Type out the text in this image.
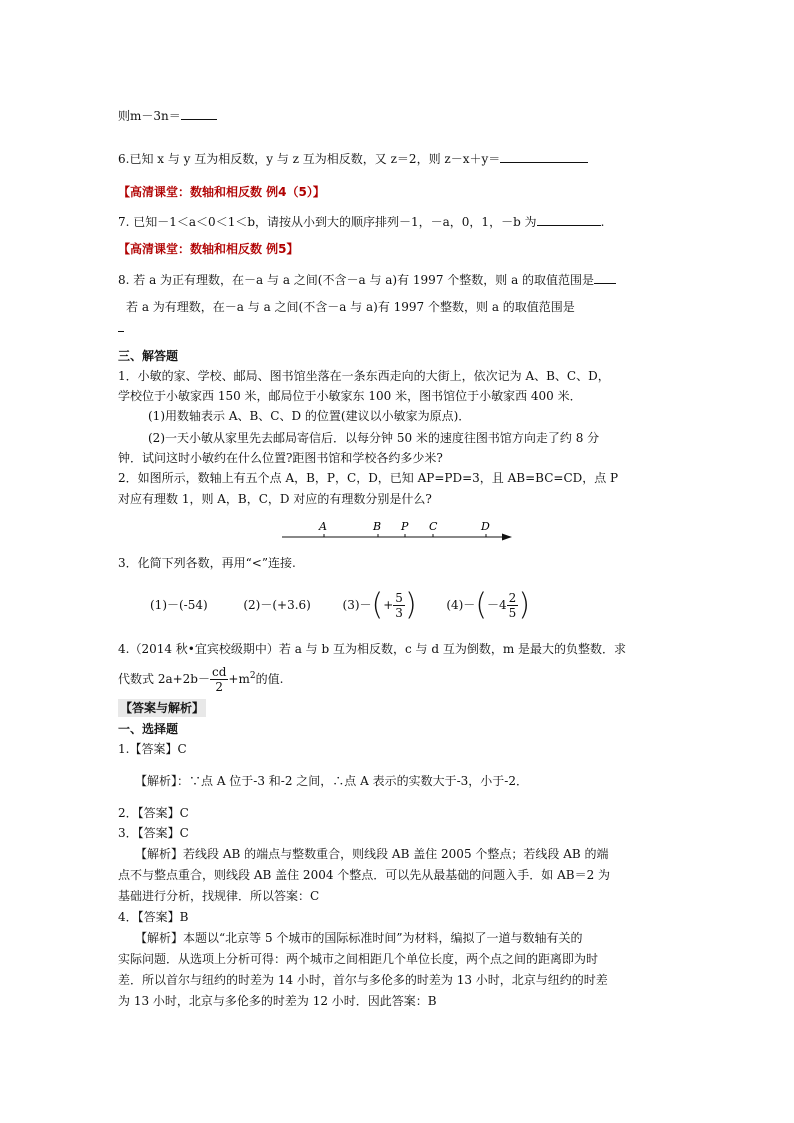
则m－3n＝
6.已知 x 与 y 互为相反数，y 与 z 互为相反数，又 z＝2，则 z－x＋y＝
【高清课堂：数轴和相反数 例4（5）】
7. 已知－1＜a＜0＜1＜b，请按从小到大的顺序排列－1，－a，0，1，－b 为	.
【高清课堂：数轴和相反数 例5】
8. 若 a 为正有理数，在－a 与 a 之间(不含－a 与 a)有 1997 个整数，则 a 的取值范围是
若 a 为有理数，在－a 与 a 之间(不含－a 与 a)有 1997 个整数，则 a 的取值范围是
三、解答题
1．小敏的家、学校、邮局、图书馆坐落在一条东西走向的大街上，依次记为 A、B、C、D，
学校位于小敏家西 150 米，邮局位于小敏家东 100 米，图书馆位于小敏家西 400 米．
(1)用数轴表示 A、B、C、D 的位置(建议以小敏家为原点)．
(2)一天小敏从家里先去邮局寄信后．以每分钟 50 米的速度往图书馆方向走了约 8 分
钟．试问这时小敏约在什么位置?距图书馆和学校各约多少米?
2．如图所示，数轴上有五个点 A，B，P，C，D，已知 AP=PD=3，且 AB=BC=CD，点 P
对应有理数 1，则 A，B，C，D 对应的有理数分别是什么?
A	B P C	D
3．化简下列各数，再用“<”连接.
(1)－(-54)	(2)－(+3.6)	$(3)-(+ \frac{5}{3}$ ) $(4)-(-4 \frac{2}{5}$ )
4.（2014 秋•宜宾校级期中）若 a 与 b 互为相反数，c 与 d 互为倒数，m 是最大的负整数．求
代数式 $2a+2b- \frac{cd}{2} +m^2$的值.
【答案与解析】
一、选择题
1.【答案】C
【解析】：∵点 A 位于-3 和-2 之间，∴点 A 表示的实数大于-3，小于-2．
2．【答案】C
3．【答案】C
【解析】若线段 AB 的端点与整数重合，则线段 AB 盖住 2005 个整点；若线段 AB 的端
点不与整点重合，则线段 AB 盖住 2004 个整点．可以先从最基础的问题入手．如 AB＝2 为
基础进行分析，找规律．所以答案：C
4．【答案】B
【解析】本题以“北京等 5 个城市的国际标准时间”为材料，编拟了一道与数轴有关的
实际问题．从选项上分析可得：两个城市之间相距几个单位长度，两个点之间的距离即为时
差．所以首尔与纽约的时差为 14 小时，首尔与多伦多的时差为 13 小时，北京与纽约的时差
为 13 小时，北京与多伦多的时差为 12 小时．因此答案：B
